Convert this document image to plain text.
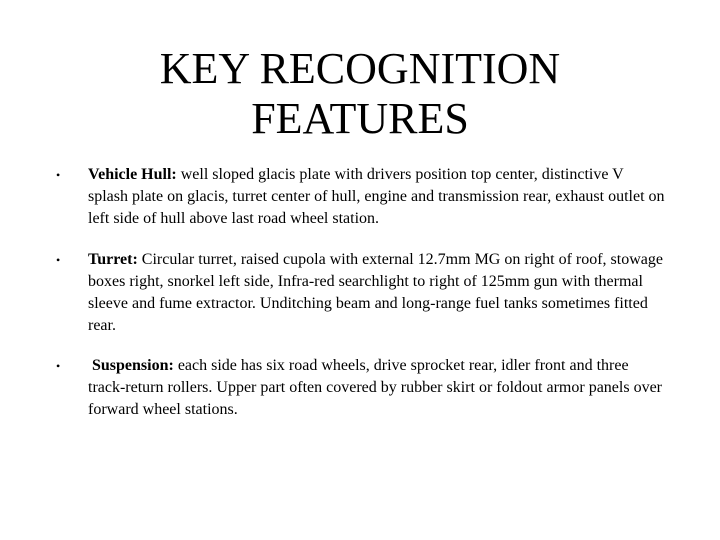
KEY RECOGNITION
FEATURES
• Vehicle Hull: well sloped glacis plate with drivers position top center, distinctive V splash plate on glacis, turret center of hull, engine and transmission rear, exhaust outlet on left side of hull above last road wheel station.
• Turret: Circular turret, raised cupola with external 12.7mm MG on right of roof, stowage boxes right, snorkel left side, Infra-red searchlight to right of 125mm gun with thermal sleeve and fume extractor. Unditching beam and long-range fuel tanks sometimes fitted rear.
• Suspension: each side has six road wheels, drive sprocket rear, idler front and three track-return rollers. Upper part often covered by rubber skirt or foldout armor panels over forward wheel stations.
